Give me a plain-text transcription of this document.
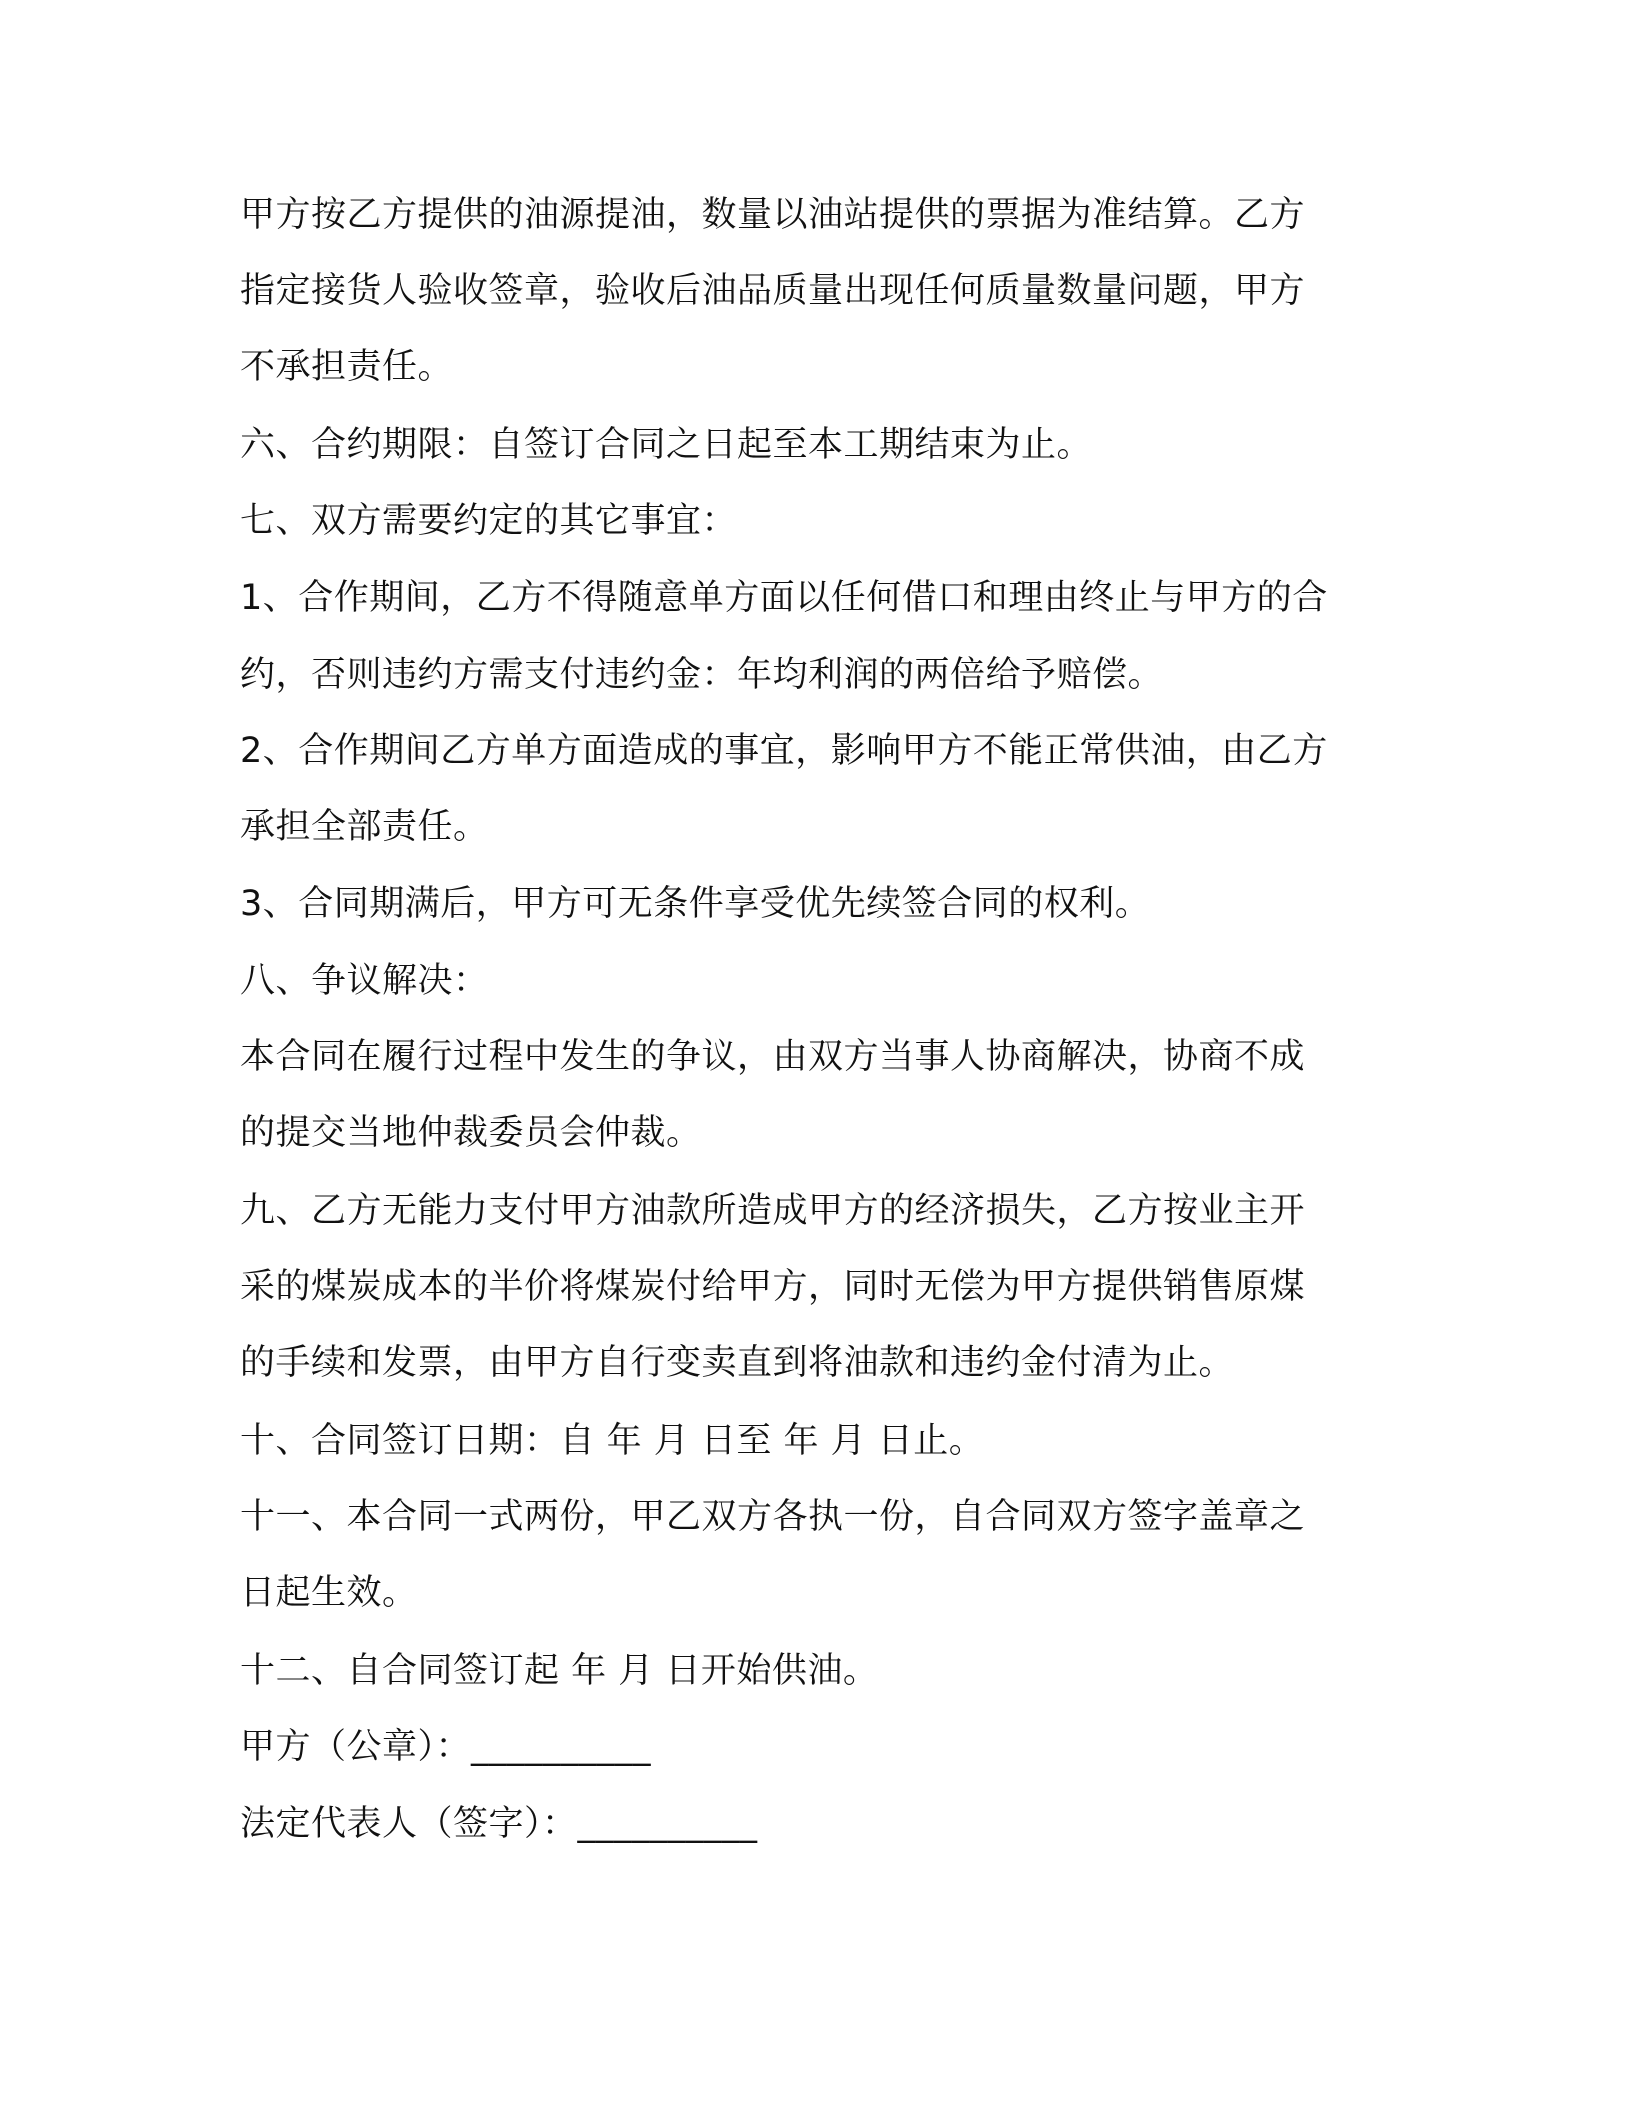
甲方按乙方提供的油源提油，数量以油站提供的票据为准结算。乙方
指定接货人验收签章，验收后油品质量出现任何质量数量问题，甲方
不承担责任。
六、合约期限：自签订合同之日起至本工期结束为止。
七、双方需要约定的其它事宜：
1、合作期间，乙方不得随意单方面以任何借口和理由终止与甲方的合
约，否则违约方需支付违约金：年均利润的两倍给予赔偿。
2、合作期间乙方单方面造成的事宜，影响甲方不能正常供油，由乙方
承担全部责任。
3、合同期满后，甲方可无条件享受优先续签合同的权利。
八、争议解决：
本合同在履行过程中发生的争议，由双方当事人协商解决，协商不成
的提交当地仲裁委员会仲裁。
九、乙方无能力支付甲方油款所造成甲方的经济损失，乙方按业主开
采的煤炭成本的半价将煤炭付给甲方，同时无偿为甲方提供销售原煤
的手续和发票，由甲方自行变卖直到将油款和违约金付清为止。
十、合同签订日期：自 年 月 日至 年 月 日止。
十一、本合同一式两份，甲乙双方各执一份，自合同双方签字盖章之
日起生效。
十二、自合同签订起 年 月 日开始供油。
甲方（公章）：__________
法定代表人（签字）：__________
